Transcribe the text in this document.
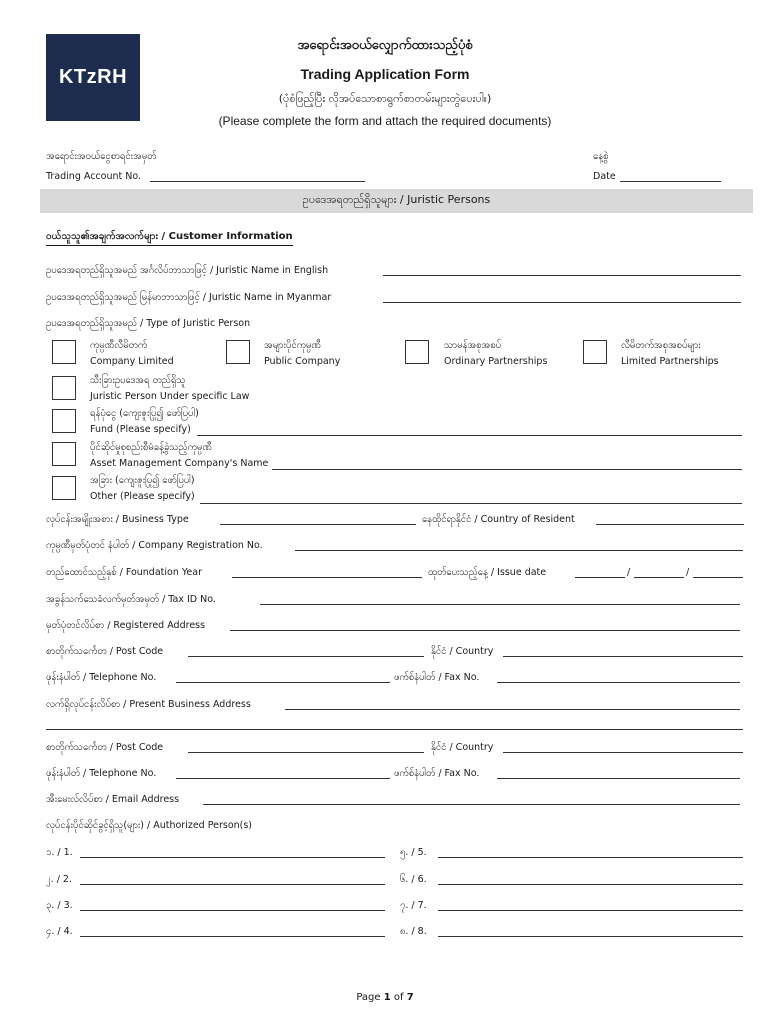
KTzRH
အရောင်းအဝယ်လျှောက်ထားသည့်ပုံစံ
Trading Application Form
(ပုံစံဖြည့်ပြီး လိုအပ်သောစာရွက်စာတမ်းများတွဲပေးပါ။)
(Please complete the form and attach the required documents)
အရောင်းအဝယ်ငွေစာရင်းအမှတ်
Trading Account No.
နေ့စွဲ
Date
ဥပဒေအရတည်ရှိသူများ / Juristic Persons
ဝယ်သူသူ၏အချက်အလက်များ / Customer Information
ဥပဒေအရတည်ရှိသူအမည် အင်္ဂလိပ်ဘာသာဖြင့် / Juristic Name in English
ဥပဒေအရတည်ရှိသူအမည် မြန်မာဘာသာဖြင့် / Juristic Name in Myanmar
ဥပဒေအရတည်ရှိသူအမည် / Type of Juristic Person
ကုမ္ပဏီလီမိတက်
Company Limited
အများပိုင်ကုမ္ပဏီ
Public Company
သာမန်အစုအစပ်
Ordinary Partnerships
လီမိတက်အစုအစပ်များ
Limited Partnerships
သီးခြားဥပဒေအရ တည်ရှိသူ
Juristic Person Under specific Law
ရန်ပုံငွေ (ကျေးဇူးပြု၍ ဖော်ပြပါ)
Fund (Please specify)
ပိုင်ဆိုင်မှုစုစည်းစီမံခန့်ခွဲသည့်ကုမ္ပဏီ
Asset Management Company's Name
အခြား (ကျေးဇူးပြု၍ ဖော်ပြပါ)
Other (Please specify)
လုပ်ငန်းအမျိုးအစား / Business Type	နေထိုင်ရာနိုင်ငံ / Country of Resident
ကုမ္ပဏီမှတ်ပုံတင် နံပါတ် / Company Registration No.
တည်ထောင်သည့်နှစ် / Foundation Year	ထုတ်ပေးသည့်နေ့ / Issue date	/	/
အခွန်သက်သေခံလက်မှတ်အမှတ် / Tax ID No.
မှတ်ပုံတင်လိပ်စာ / Registered Address
စာတိုက်သင်္ကေတ / Post Code	နိုင်ငံ / Country
ဖုန်းနံပါတ် / Telephone No.	ဖက်စ်နံပါတ် / Fax No.
လက်ရှိလုပ်ငန်းလိပ်စာ / Present Business Address
စာတိုက်သင်္ကေတ / Post Code	နိုင်ငံ / Country
ဖုန်းနံပါတ် / Telephone No.	ဖက်စ်နံပါတ် / Fax No.
အီးမေးလ်လိပ်စာ / Email Address
လုပ်ငန်းပိုင်ဆိုင်ခွင့်ရှိသူ(များ) / Authorized Person(s)
၁. / 1.	၅. / 5.
၂. / 2.	၆. / 6.
၃. / 3.	၇. / 7.
၄. / 4.	၈. / 8.
Page 1 of 7
